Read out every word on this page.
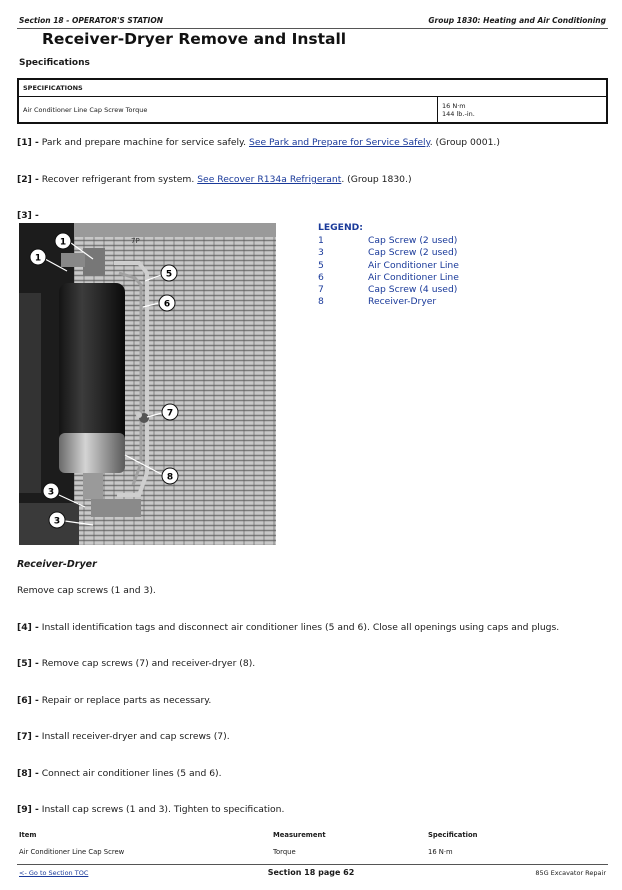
Section 18 - OPERATOR'S STATION	Group 1830: Heating and Air Conditioning
Receiver-Dryer Remove and Install
Specifications
SPECIFICATIONS
Air Conditioner Line Cap Screw Torque	16 N·m
144 lb.-in.
[1] - Park and prepare machine for service safely. See Park and Prepare for Service Safely. (Group 0001.)
[2] - Recover refrigerant from system. See Recover R134a Refrigerant. (Group 1830.)
[3] -
7P
1
1
5
6
7
8
3
3
LEGEND:
1	Cap Screw (2 used)
3	Cap Screw (2 used)
5	Air Conditioner Line
6	Air Conditioner Line
7	Cap Screw (4 used)
8	Receiver-Dryer
Receiver-Dryer
Remove cap screws (1 and 3).
[4] - Install identification tags and disconnect air conditioner lines (5 and 6). Close all openings using caps and plugs.
[5] - Remove cap screws (7) and receiver-dryer (8).
[6] - Repair or replace parts as necessary.
[7] - Install receiver-dryer and cap screws (7).
[8] - Connect air conditioner lines (5 and 6).
[9] - Install cap screws (1 and 3). Tighten to specification.
Item	Measurement	Specification
Air Conditioner Line Cap Screw	Torque	16 N·m
<- Go to Section TOC	Section 18 page 62	85G Excavator Repair
